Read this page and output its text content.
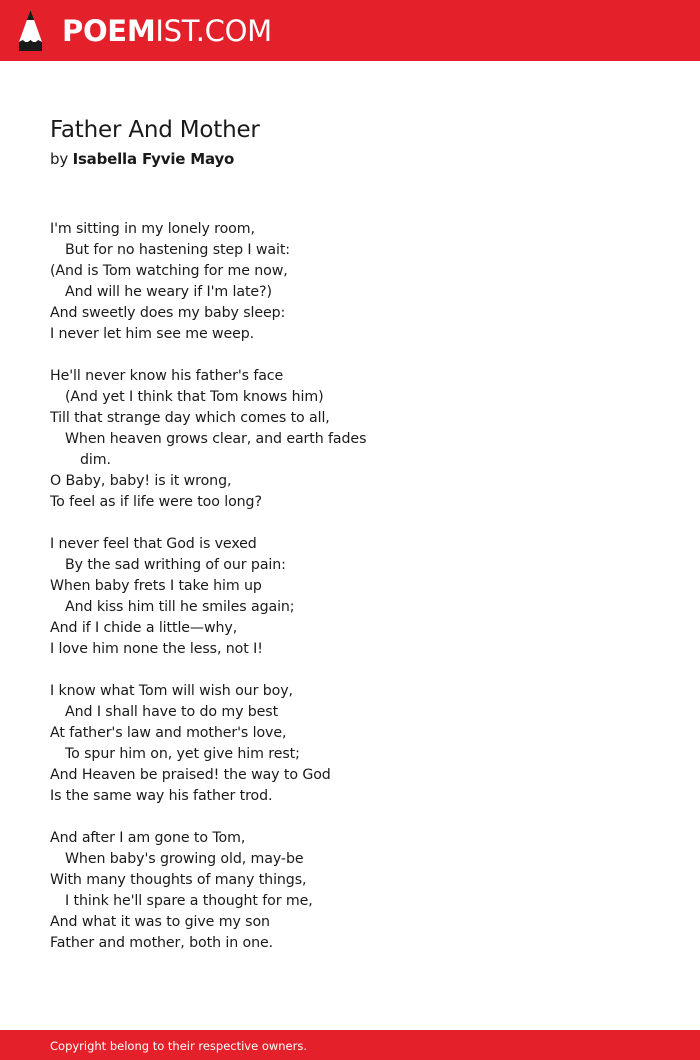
POEMIST.COM
Father And Mother
by Isabella Fyvie Mayo
I'm sitting in my lonely room,
But for no hastening step I wait:
(And is Tom watching for me now,
And will he weary if I'm late?)
And sweetly does my baby sleep:
I never let him see me weep.
He'll never know his father's face
(And yet I think that Tom knows him)
Till that strange day which comes to all,
When heaven grows clear, and earth fades
dim.
O Baby, baby! is it wrong,
To feel as if life were too long?
I never feel that God is vexed
By the sad writhing of our pain:
When baby frets I take him up
And kiss him till he smiles again;
And if I chide a little—why,
I love him none the less, not I!
I know what Tom will wish our boy,
And I shall have to do my best
At father's law and mother's love,
To spur him on, yet give him rest;
And Heaven be praised! the way to God
Is the same way his father trod.
And after I am gone to Tom,
When baby's growing old, may-be
With many thoughts of many things,
I think he'll spare a thought for me,
And what it was to give my son
Father and mother, both in one.
Copyright belong to their respective owners.
